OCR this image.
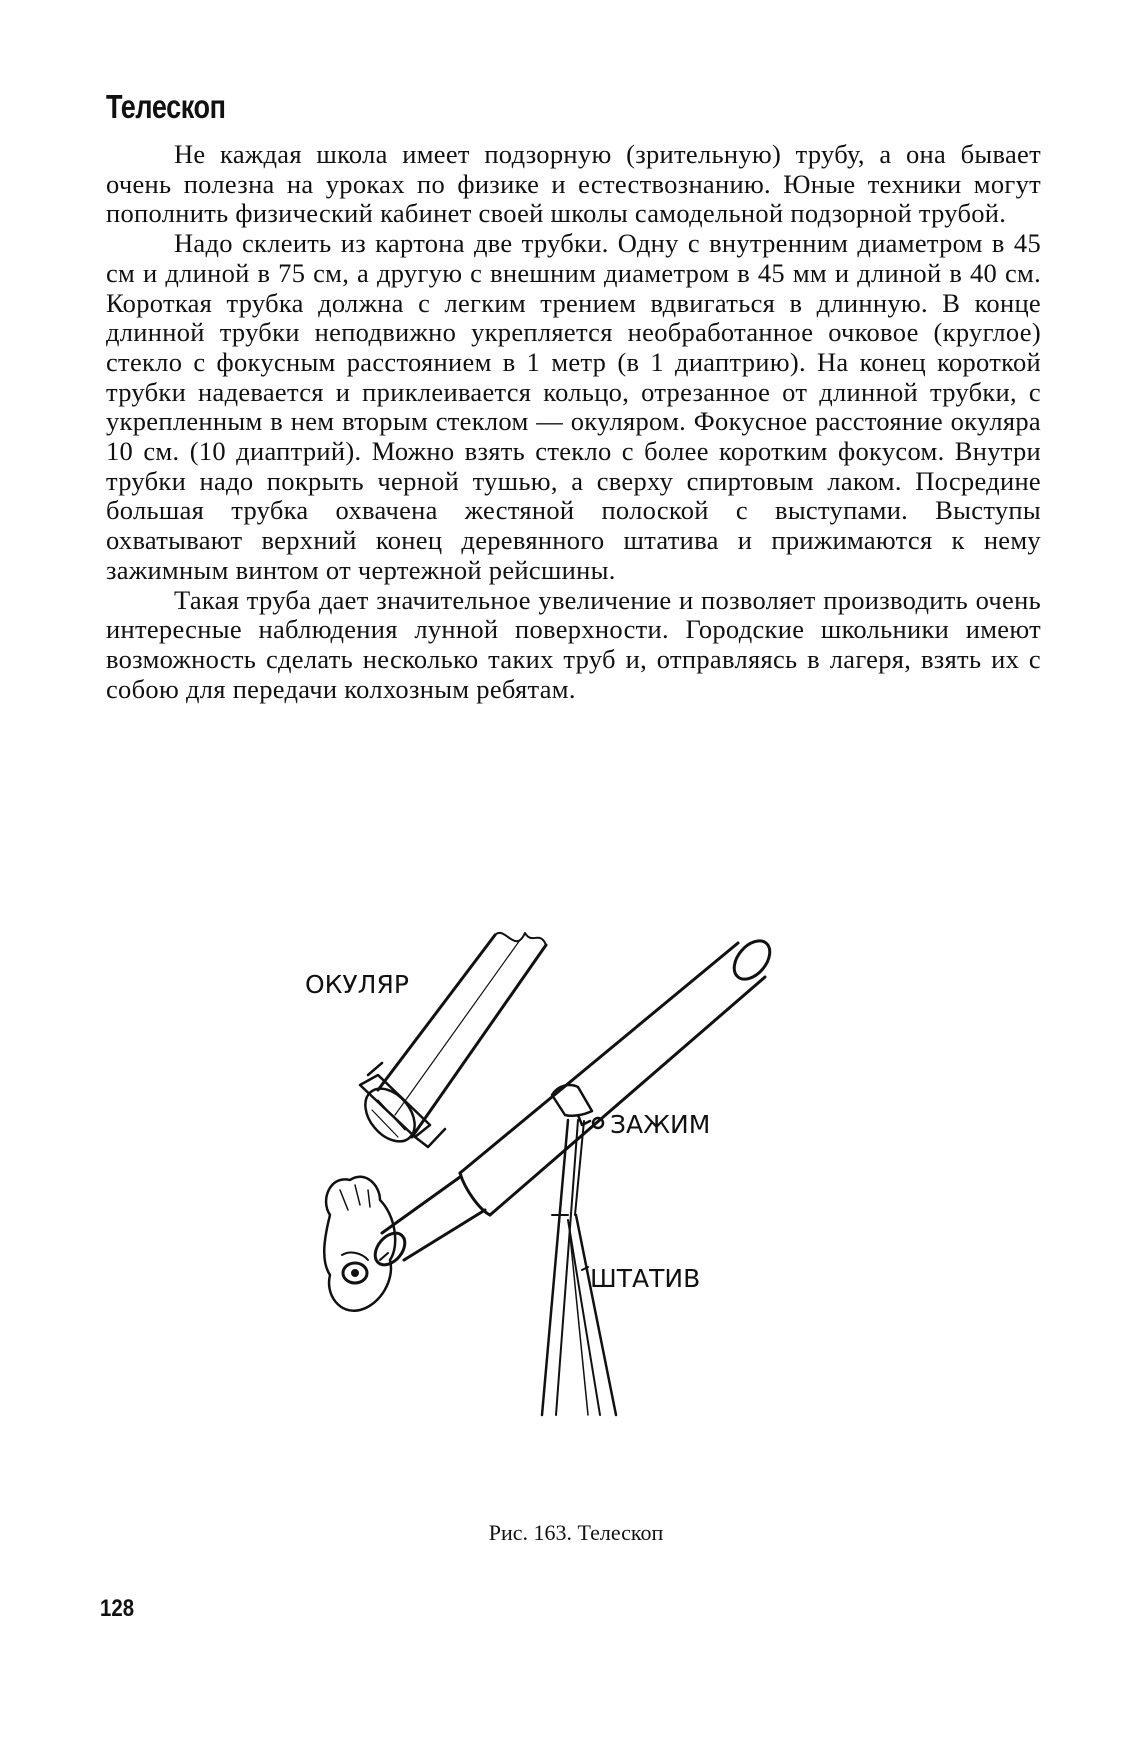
Телескоп

Не каждая школа имеет подзорную (зрительную) трубу, а она бывает очень полезна на уроках по физике и естествознанию. Юные техники могут пополнить физический кабинет своей школы самодельной подзорной трубой.

Надо склеить из картона две трубки. Одну с внутренним диаметром в 45 см и длиной в 75 см, а другую с внешним диаметром в 45 мм и длиной в 40 см. Короткая трубка должна с легким трением вдвигаться в длинную. В конце длинной трубки неподвижно укрепляется необработанное очковое (круглое) стекло с фокусным расстоянием в 1 метр (в 1 диаптрию). На конец короткой трубки надевается и приклеивается кольцо, отрезанное от длинной трубки, с укрепленным в нем вторым стеклом — окуляром. Фокусное расстояние окуляра 10 см. (10 диаптрий). Можно взять стекло с более коротким фокусом. Внутри трубки надо покрыть черной тушью, а сверху спиртовым лаком. Посредине большая трубка охвачена жестяной полоской с выступами. Выступы охватывают верхний конец деревянного штатива и прижимаются к нему зажимным винтом от чертежной рейсшины.

Такая труба дает значительное увеличение и позволяет производить очень интересные наблюдения лунной поверхности. Городские школьники имеют возможность сделать несколько таких труб и, отправляясь в лагеря, взять их с собою для передачи колхозным ребятам.

ОКУЛЯР
ЗАЖИМ
ШТАТИВ
Рис. 163. Телескоп
128
